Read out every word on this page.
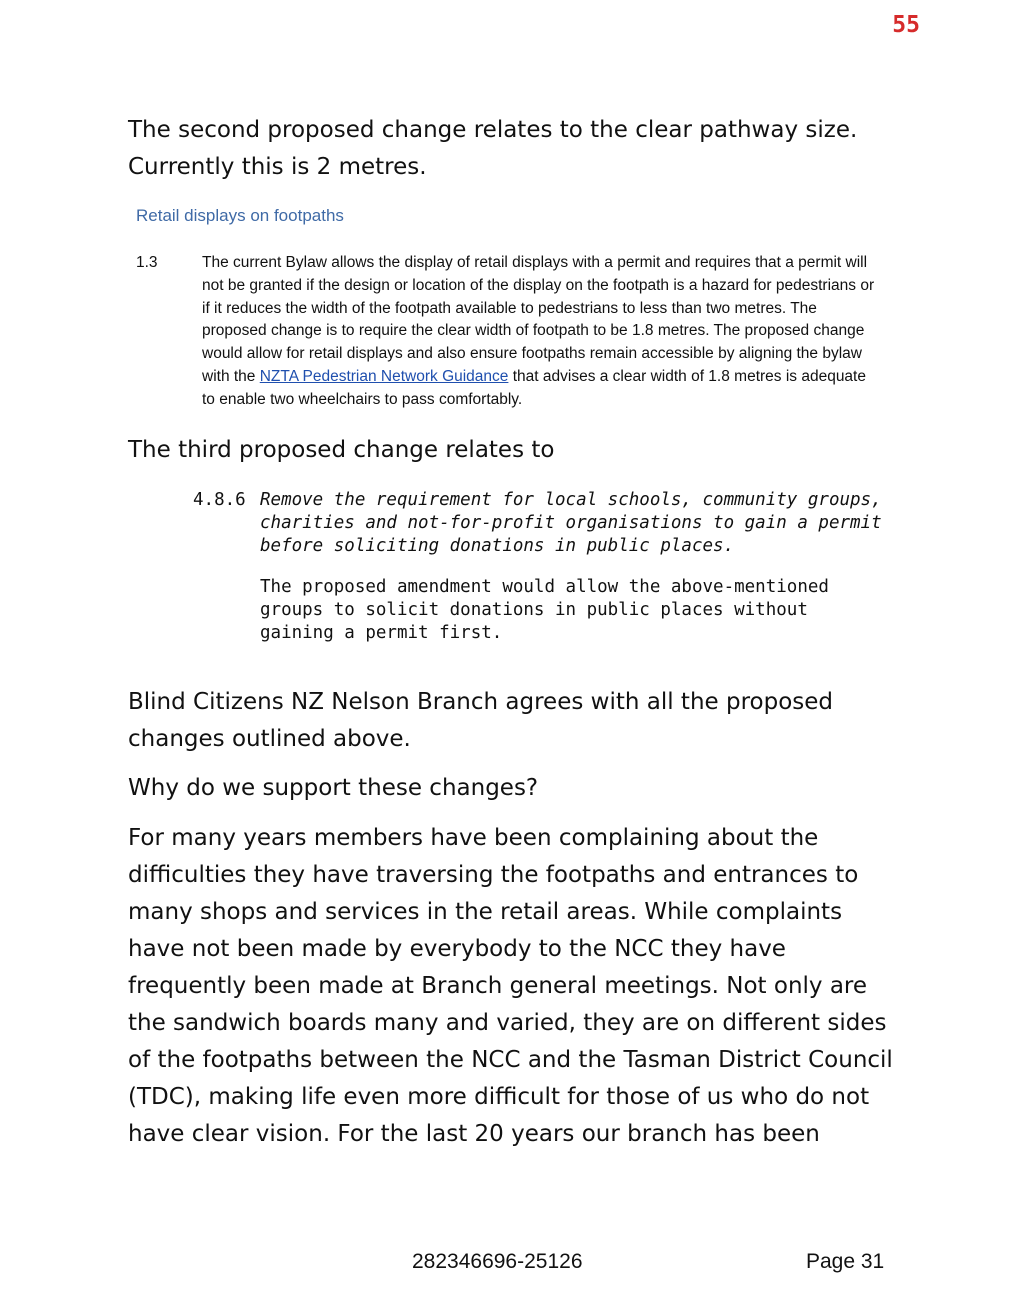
55

The second proposed change relates to the clear pathway size. Currently this is 2 metres.

Retail displays on footpaths
1.3	The current Bylaw allows the display of retail displays with a permit and requires that a permit will not be granted if the design or location of the display on the footpath is a hazard for pedestrians or if it reduces the width of the footpath available to pedestrians to less than two metres. The proposed change is to require the clear width of footpath to be 1.8 metres. The proposed change would allow for retail displays and also ensure footpaths remain accessible by aligning the bylaw with the NZTA Pedestrian Network Guidance that advises a clear width of 1.8 metres is adequate to enable two wheelchairs to pass comfortably.

The third proposed change relates to

4.8.6 Remove the requirement for local schools, community groups, charities and not-for-profit organisations to gain a permit before soliciting donations in public places.

The proposed amendment would allow the above-mentioned groups to solicit donations in public places without gaining a permit first.

Blind Citizens NZ Nelson Branch agrees with all the proposed changes outlined above.

Why do we support these changes?

For many years members have been complaining about the difficulties they have traversing the footpaths and entrances to many shops and services in the retail areas. While complaints have not been made by everybody to the NCC they have frequently been made at Branch general meetings. Not only are the sandwich boards many and varied, they are on different sides of the footpaths between the NCC and the Tasman District Council (TDC), making life even more difficult for those of us who do not have clear vision. For the last 20 years our branch has been

282346696-25126	Page 31
